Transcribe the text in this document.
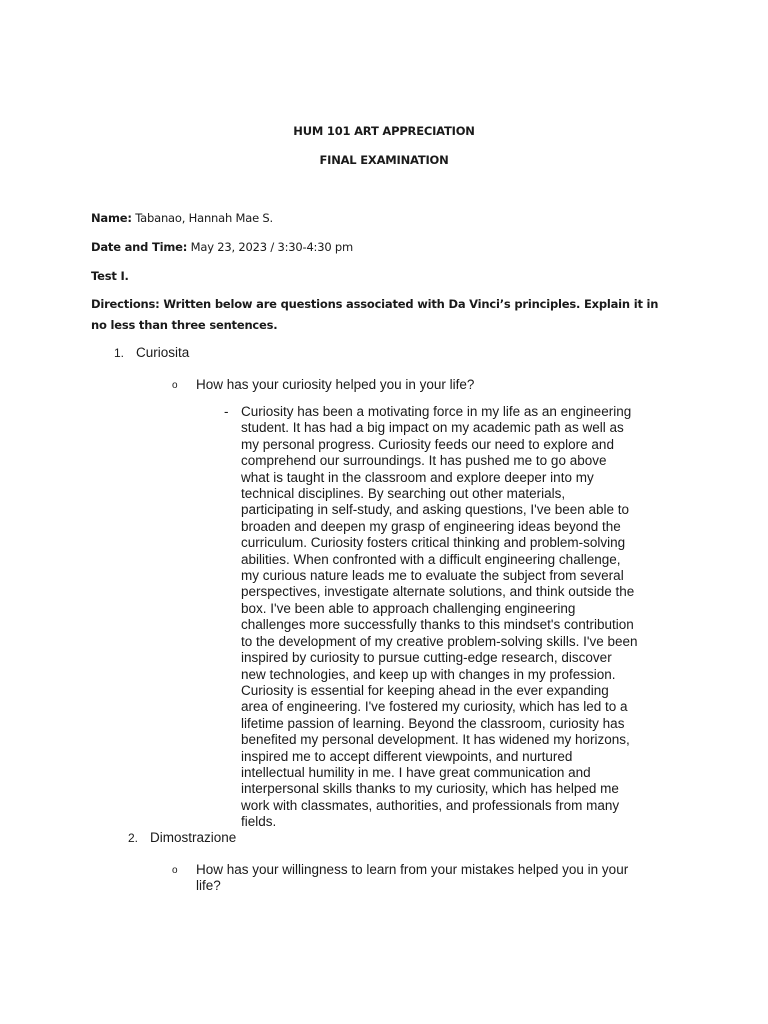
HUM 101 ART APPRECIATION
FINAL EXAMINATION
Name: Tabanao, Hannah Mae S.
Date and Time: May 23, 2023 / 3:30-4:30 pm
Test I.
Directions: Written below are questions associated with Da Vinci’s principles. Explain it in no less than three sentences.
1. Curiosita
o How has your curiosity helped you in your life?
- Curiosity has been a motivating force in my life as an engineering
student. It has had a big impact on my academic path as well as
my personal progress. Curiosity feeds our need to explore and
comprehend our surroundings. It has pushed me to go above
what is taught in the classroom and explore deeper into my
technical disciplines. By searching out other materials,
participating in self-study, and asking questions, I've been able to
broaden and deepen my grasp of engineering ideas beyond the
curriculum. Curiosity fosters critical thinking and problem-solving
abilities. When confronted with a difficult engineering challenge,
my curious nature leads me to evaluate the subject from several
perspectives, investigate alternate solutions, and think outside the
box. I've been able to approach challenging engineering
challenges more successfully thanks to this mindset's contribution
to the development of my creative problem-solving skills. I've been
inspired by curiosity to pursue cutting-edge research, discover
new technologies, and keep up with changes in my profession.
Curiosity is essential for keeping ahead in the ever expanding
area of engineering. I've fostered my curiosity, which has led to a
lifetime passion of learning. Beyond the classroom, curiosity has
benefited my personal development. It has widened my horizons,
inspired me to accept different viewpoints, and nurtured
intellectual humility in me. I have great communication and
interpersonal skills thanks to my curiosity, which has helped me
work with classmates, authorities, and professionals from many
fields.
2. Dimostrazione
o How has your willingness to learn from your mistakes helped you in your life?
